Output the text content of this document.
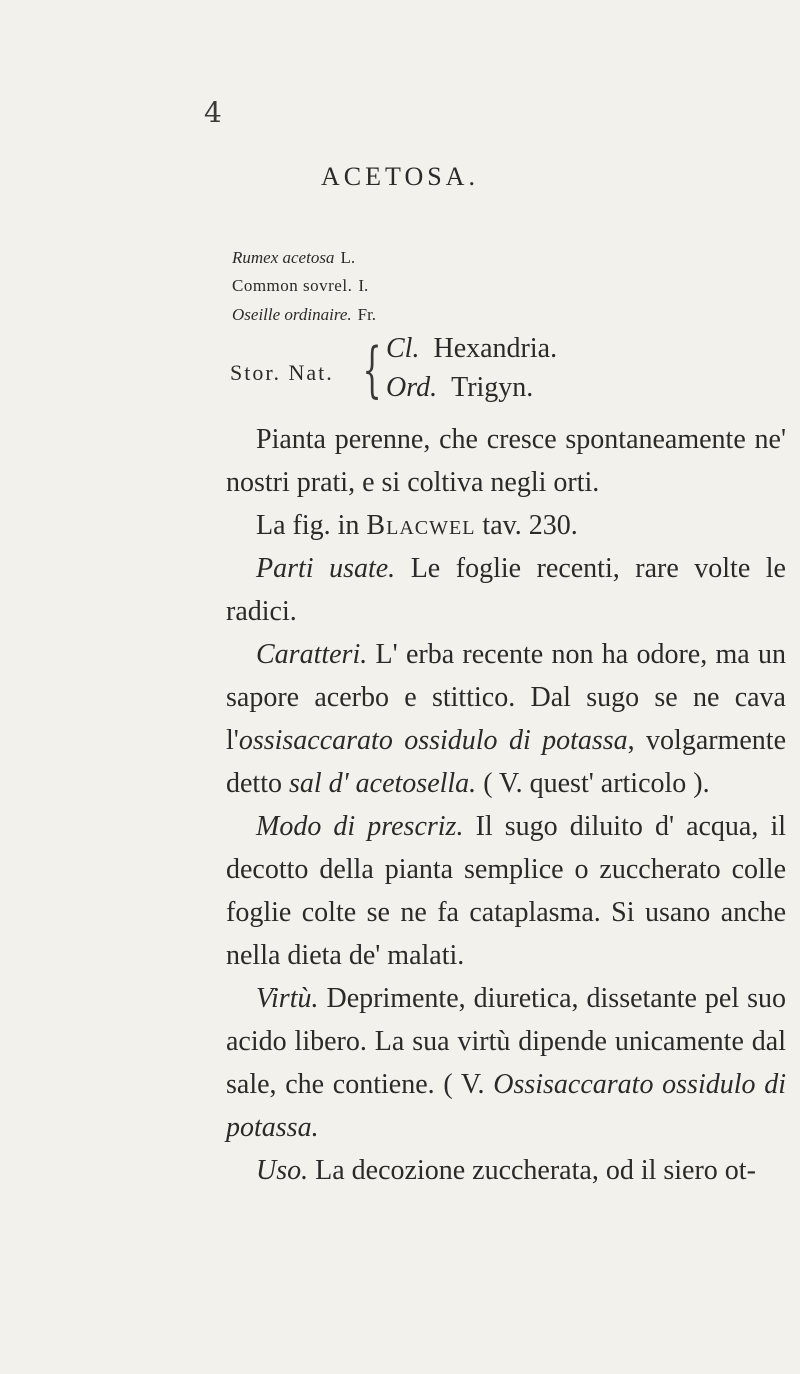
4
ACETOSA.
Rumex acetosa L.
Common sovrel. I.
Oseille ordinaire. Fr.
Stor. Nat. { Cl. Hexandria.
Ord. Trigyn.

Pianta perenne, che cresce spontaneamente ne' nostri prati, e si coltiva negli orti.

La fig. in Blacwel tav. 230.

Parti usate. Le foglie recenti, rare volte le radici.

Caratteri. L' erba recente non ha odore, ma un sapore acerbo e stittico. Dal sugo se ne cava l'ossisaccarato ossidulo di potassa, volgarmente detto sal d' acetosella. ( V. quest' articolo ).

Modo di prescriz. Il sugo diluito d' acqua, il decotto della pianta semplice o zuccherato colle foglie colte se ne fa cataplasma. Si usano anche nella dieta de' malati.

Virtù. Deprimente, diuretica, dissetante pel suo acido libero. La sua virtù dipende unicamente dal sale, che contiene. ( V. Ossisaccarato ossidulo di potassa.

Uso. La decozione zuccherata, od il siero ot-
